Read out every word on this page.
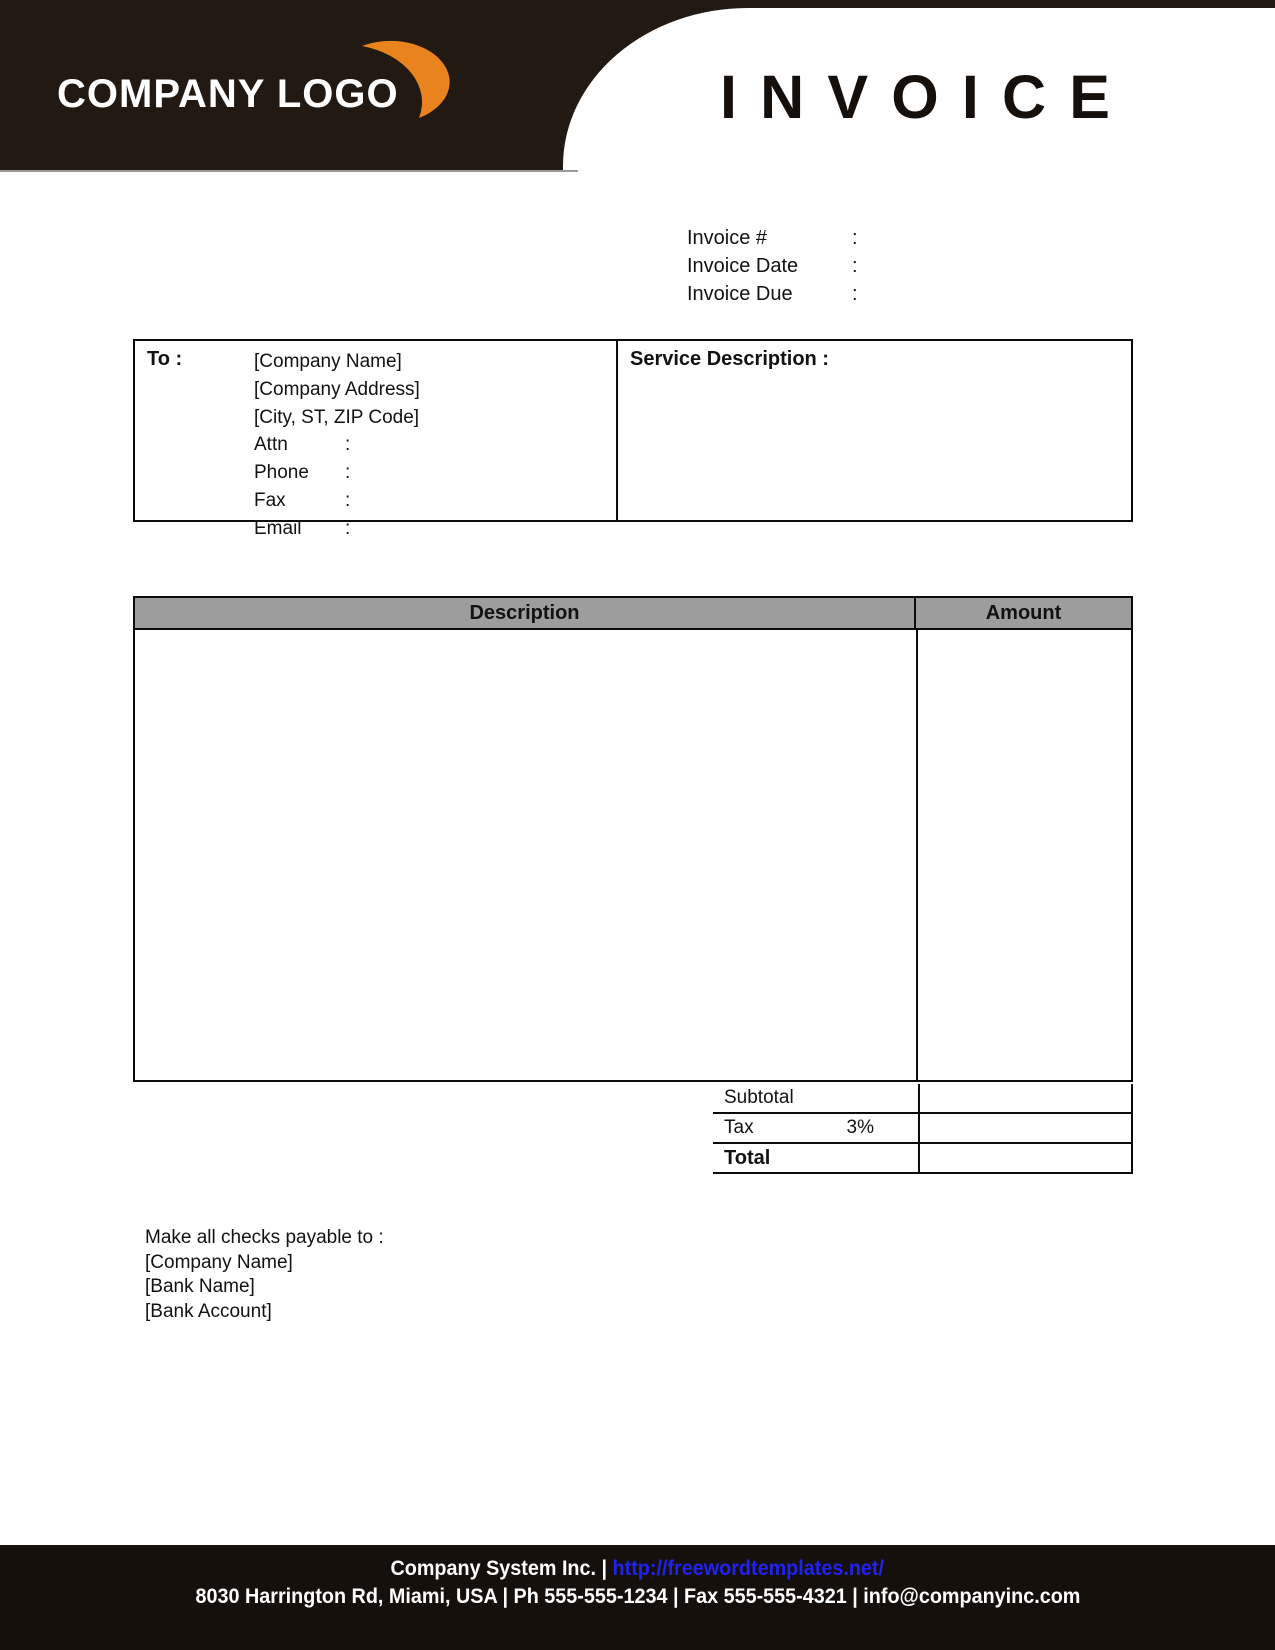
COMPANY LOGO	INVOICE
Invoice #	:
Invoice Date	:
Invoice Due	:
To :	[Company Name]
[Company Address]
[City, ST, ZIP Code]
Attn	:
Phone	:
Fax	:
Email	:
Service Description :
Description	Amount
Subtotal
Tax	3%
Total
Make all checks payable to :
[Company Name]
[Bank Name]
[Bank Account]
Company System Inc. | http://freewordtemplates.net/
8030 Harrington Rd, Miami, USA | Ph 555-555-1234 | Fax 555-555-4321 | info@companyinc.com
